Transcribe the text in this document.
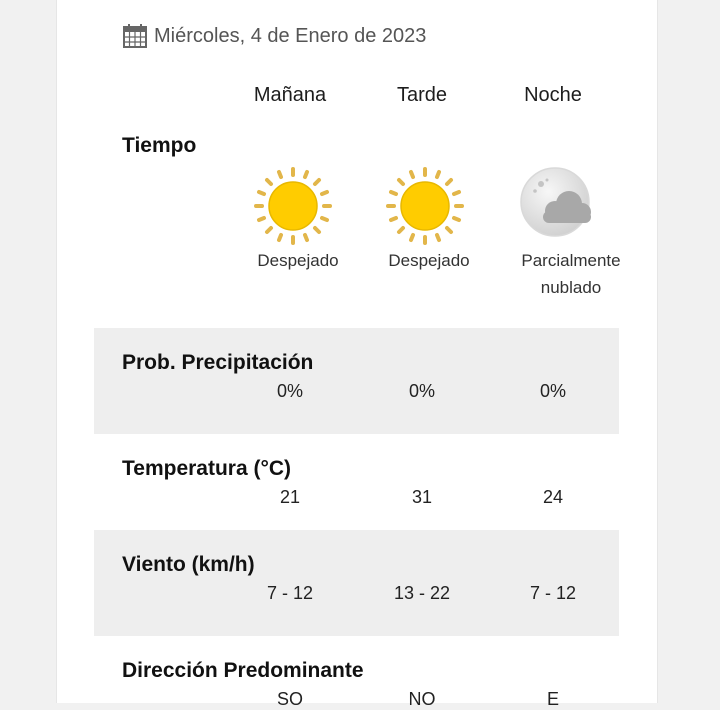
Miércoles, 4 de Enero de 2023
Mañana	Tarde	Noche
Tiempo
Despejado	Despejado	Parcialmente nublado
Prob. Precipitación
0%	0%	0%
Temperatura (°C)
21	31	24
Viento (km/h)
7 - 12	13 - 22	7 - 12
Dirección Predominante
SO	NO	E
